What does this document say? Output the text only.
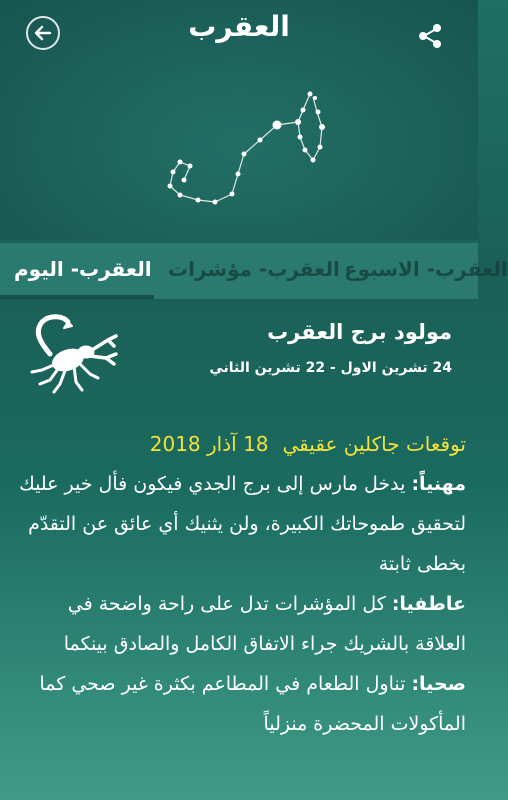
العقرب
العقرب- اليوم العقرب- مؤشرات العقرب- الاسبوع
مولود برج العقرب
24 تشرين الاول - 22 تشرين الثاني
توقعات جاكلين عقيقي18 آذار 2018

مهنياً: يدخل مارس إلى برج الجدي فيكون فأل خير عليك لتحقيق طموحاتك الكبيرة، ولن يثنيك أي عائق عن التقدّم بخطى ثابتة

عاطفيا: كل المؤشرات تدل على راحة واضحة في العلاقة بالشريك جراء الاتفاق الكامل والصادق بينكما

صحيا: تناول الطعام في المطاعم بكثرة غير صحي كما المأكولات المحضرة منزلياً
